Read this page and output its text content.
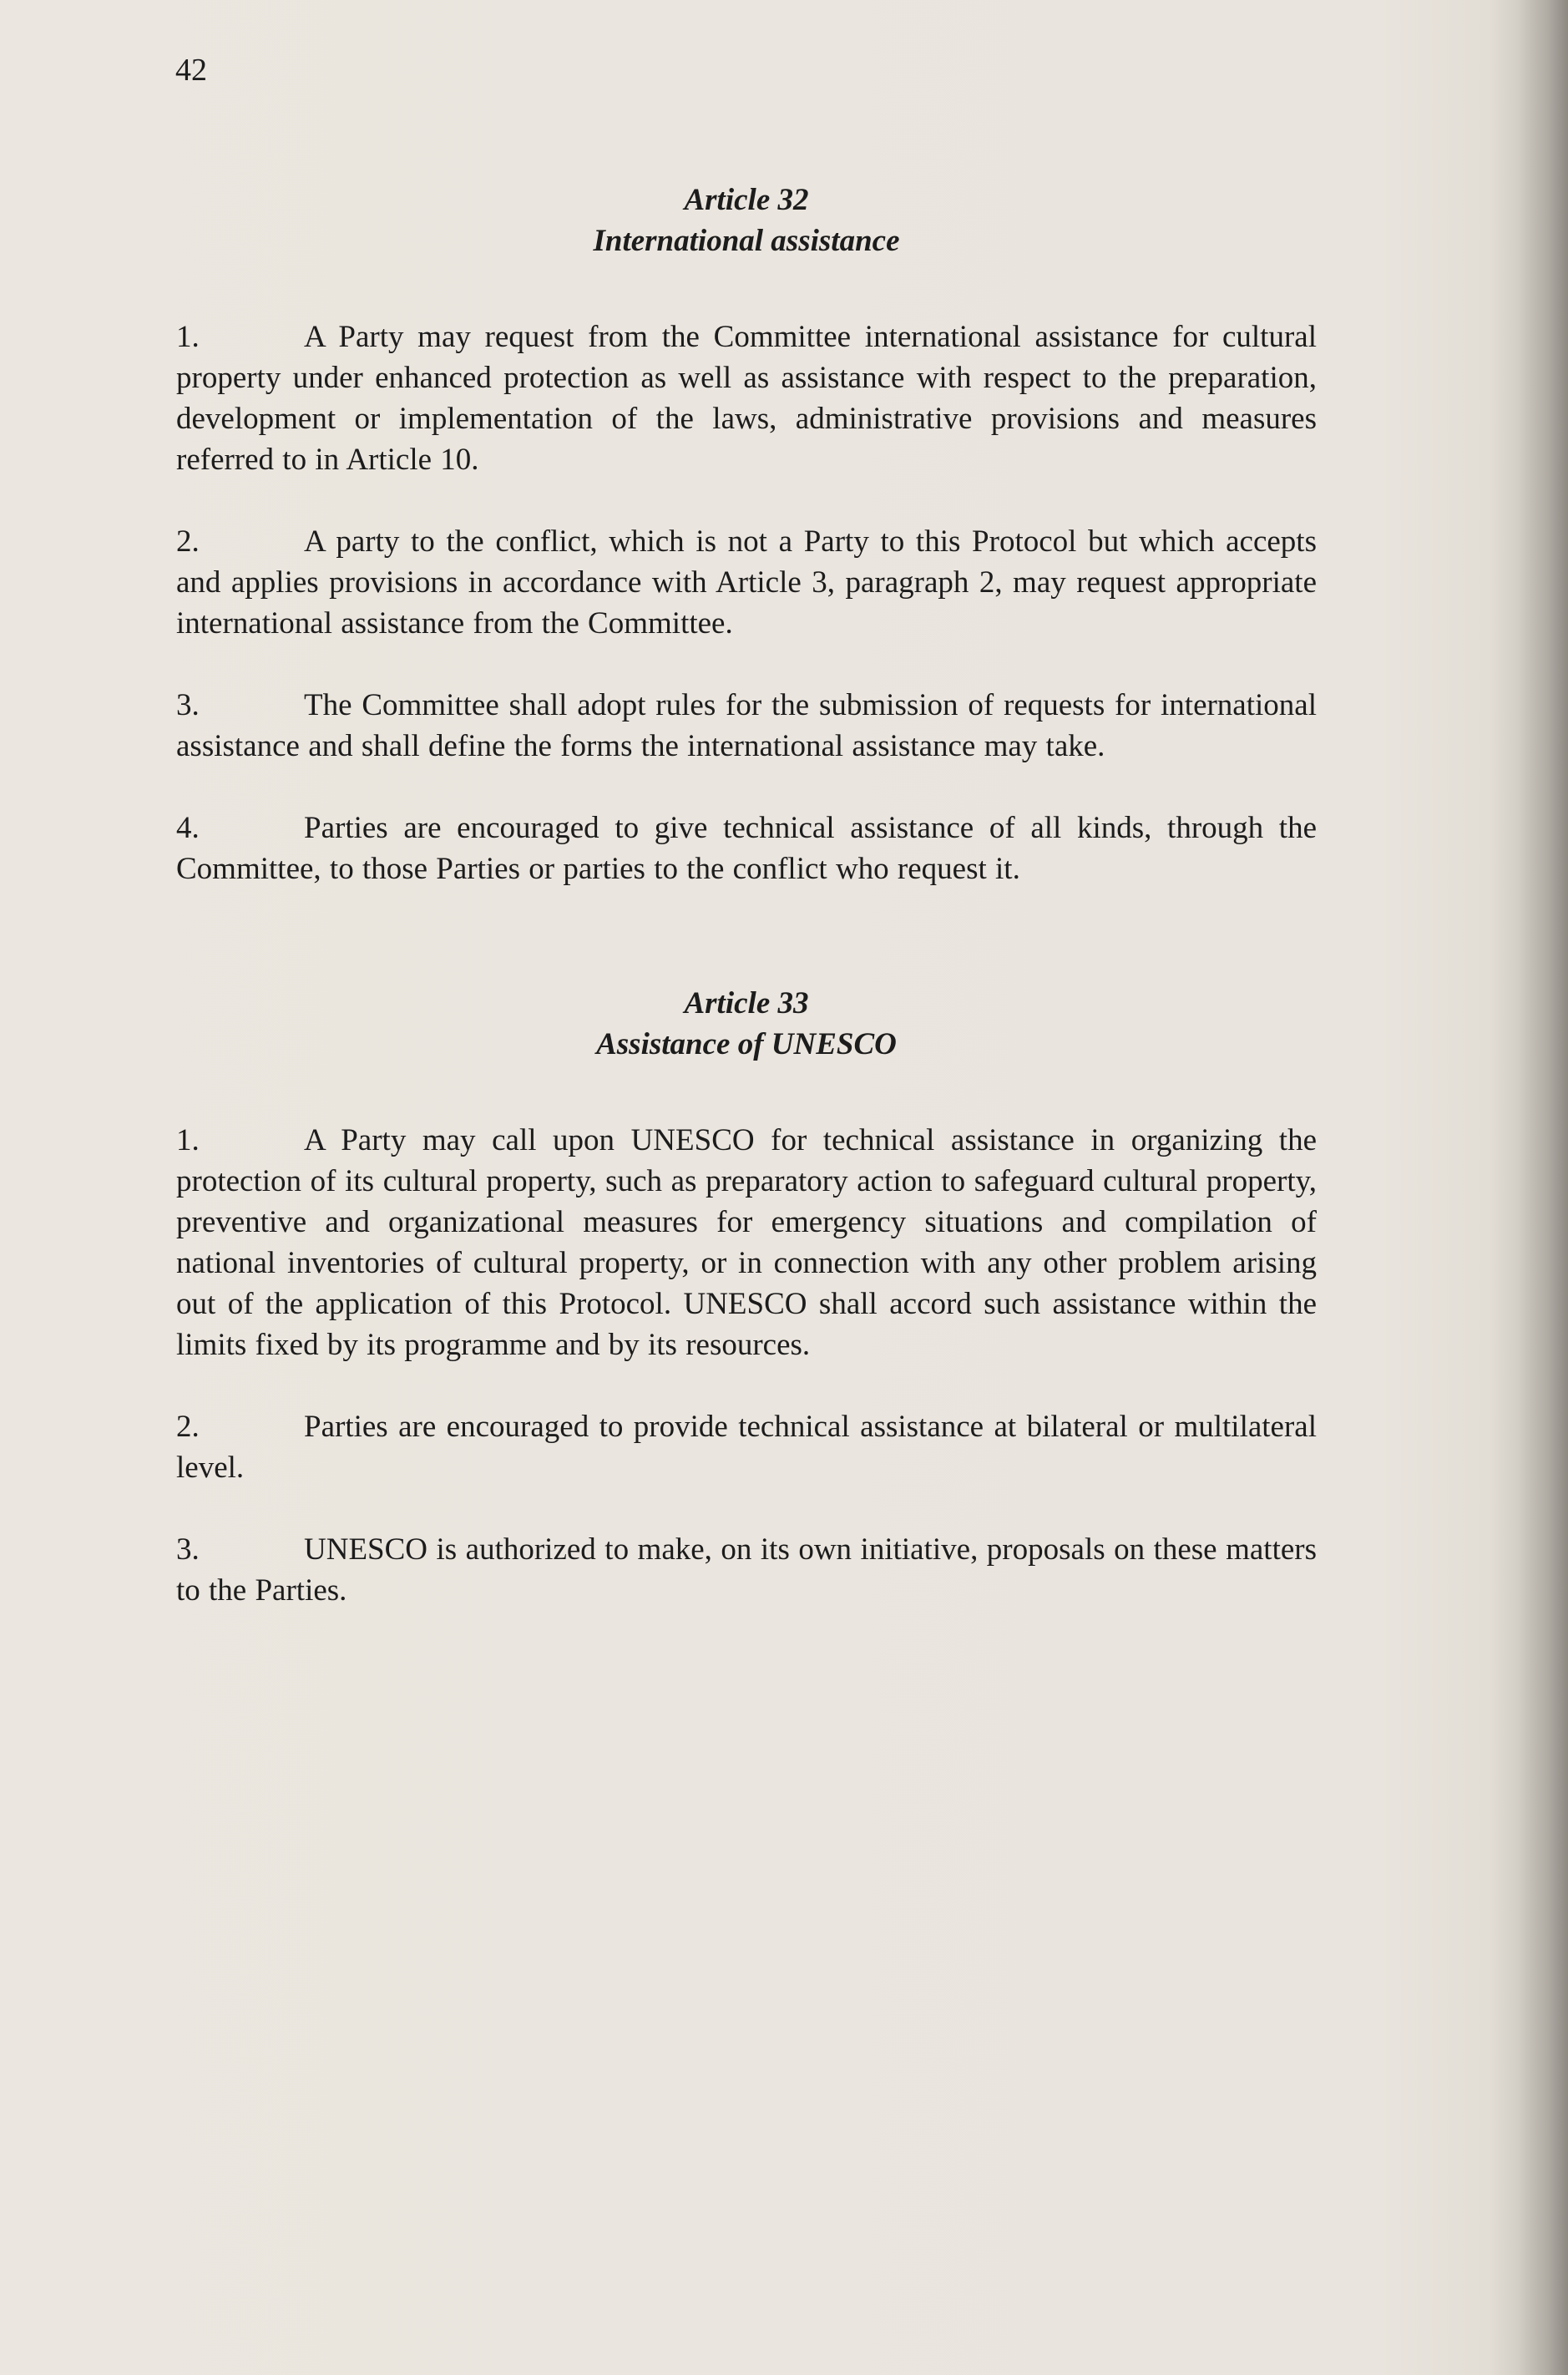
42
Article 32
International assistance

1.	A Party may request from the Committee international assistance for cultural property under enhanced protection as well as assistance with respect to the preparation, development or implementation of the laws, administrative provisions and measures referred to in Article 10.

2.	A party to the conflict, which is not a Party to this Protocol but which accepts and applies provisions in accordance with Article 3, paragraph 2, may request appropriate international assistance from the Committee.

3.	The Committee shall adopt rules for the submission of requests for international assistance and shall define the forms the international assistance may take.

4.	Parties are encouraged to give technical assistance of all kinds, through the Committee, to those Parties or parties to the conflict who request it.

Article 33
Assistance of UNESCO

1.	A Party may call upon UNESCO for technical assistance in organizing the protection of its cultural property, such as preparatory action to safeguard cultural property, preventive and organizational measures for emergency situations and compilation of national inventories of cultural property, or in connection with any other problem arising out of the application of this Protocol. UNESCO shall accord such assistance within the limits fixed by its programme and by its resources.

2.	Parties are encouraged to provide technical assistance at bilateral or multilateral level.

3.	UNESCO is authorized to make, on its own initiative, proposals on these matters to the Parties.
